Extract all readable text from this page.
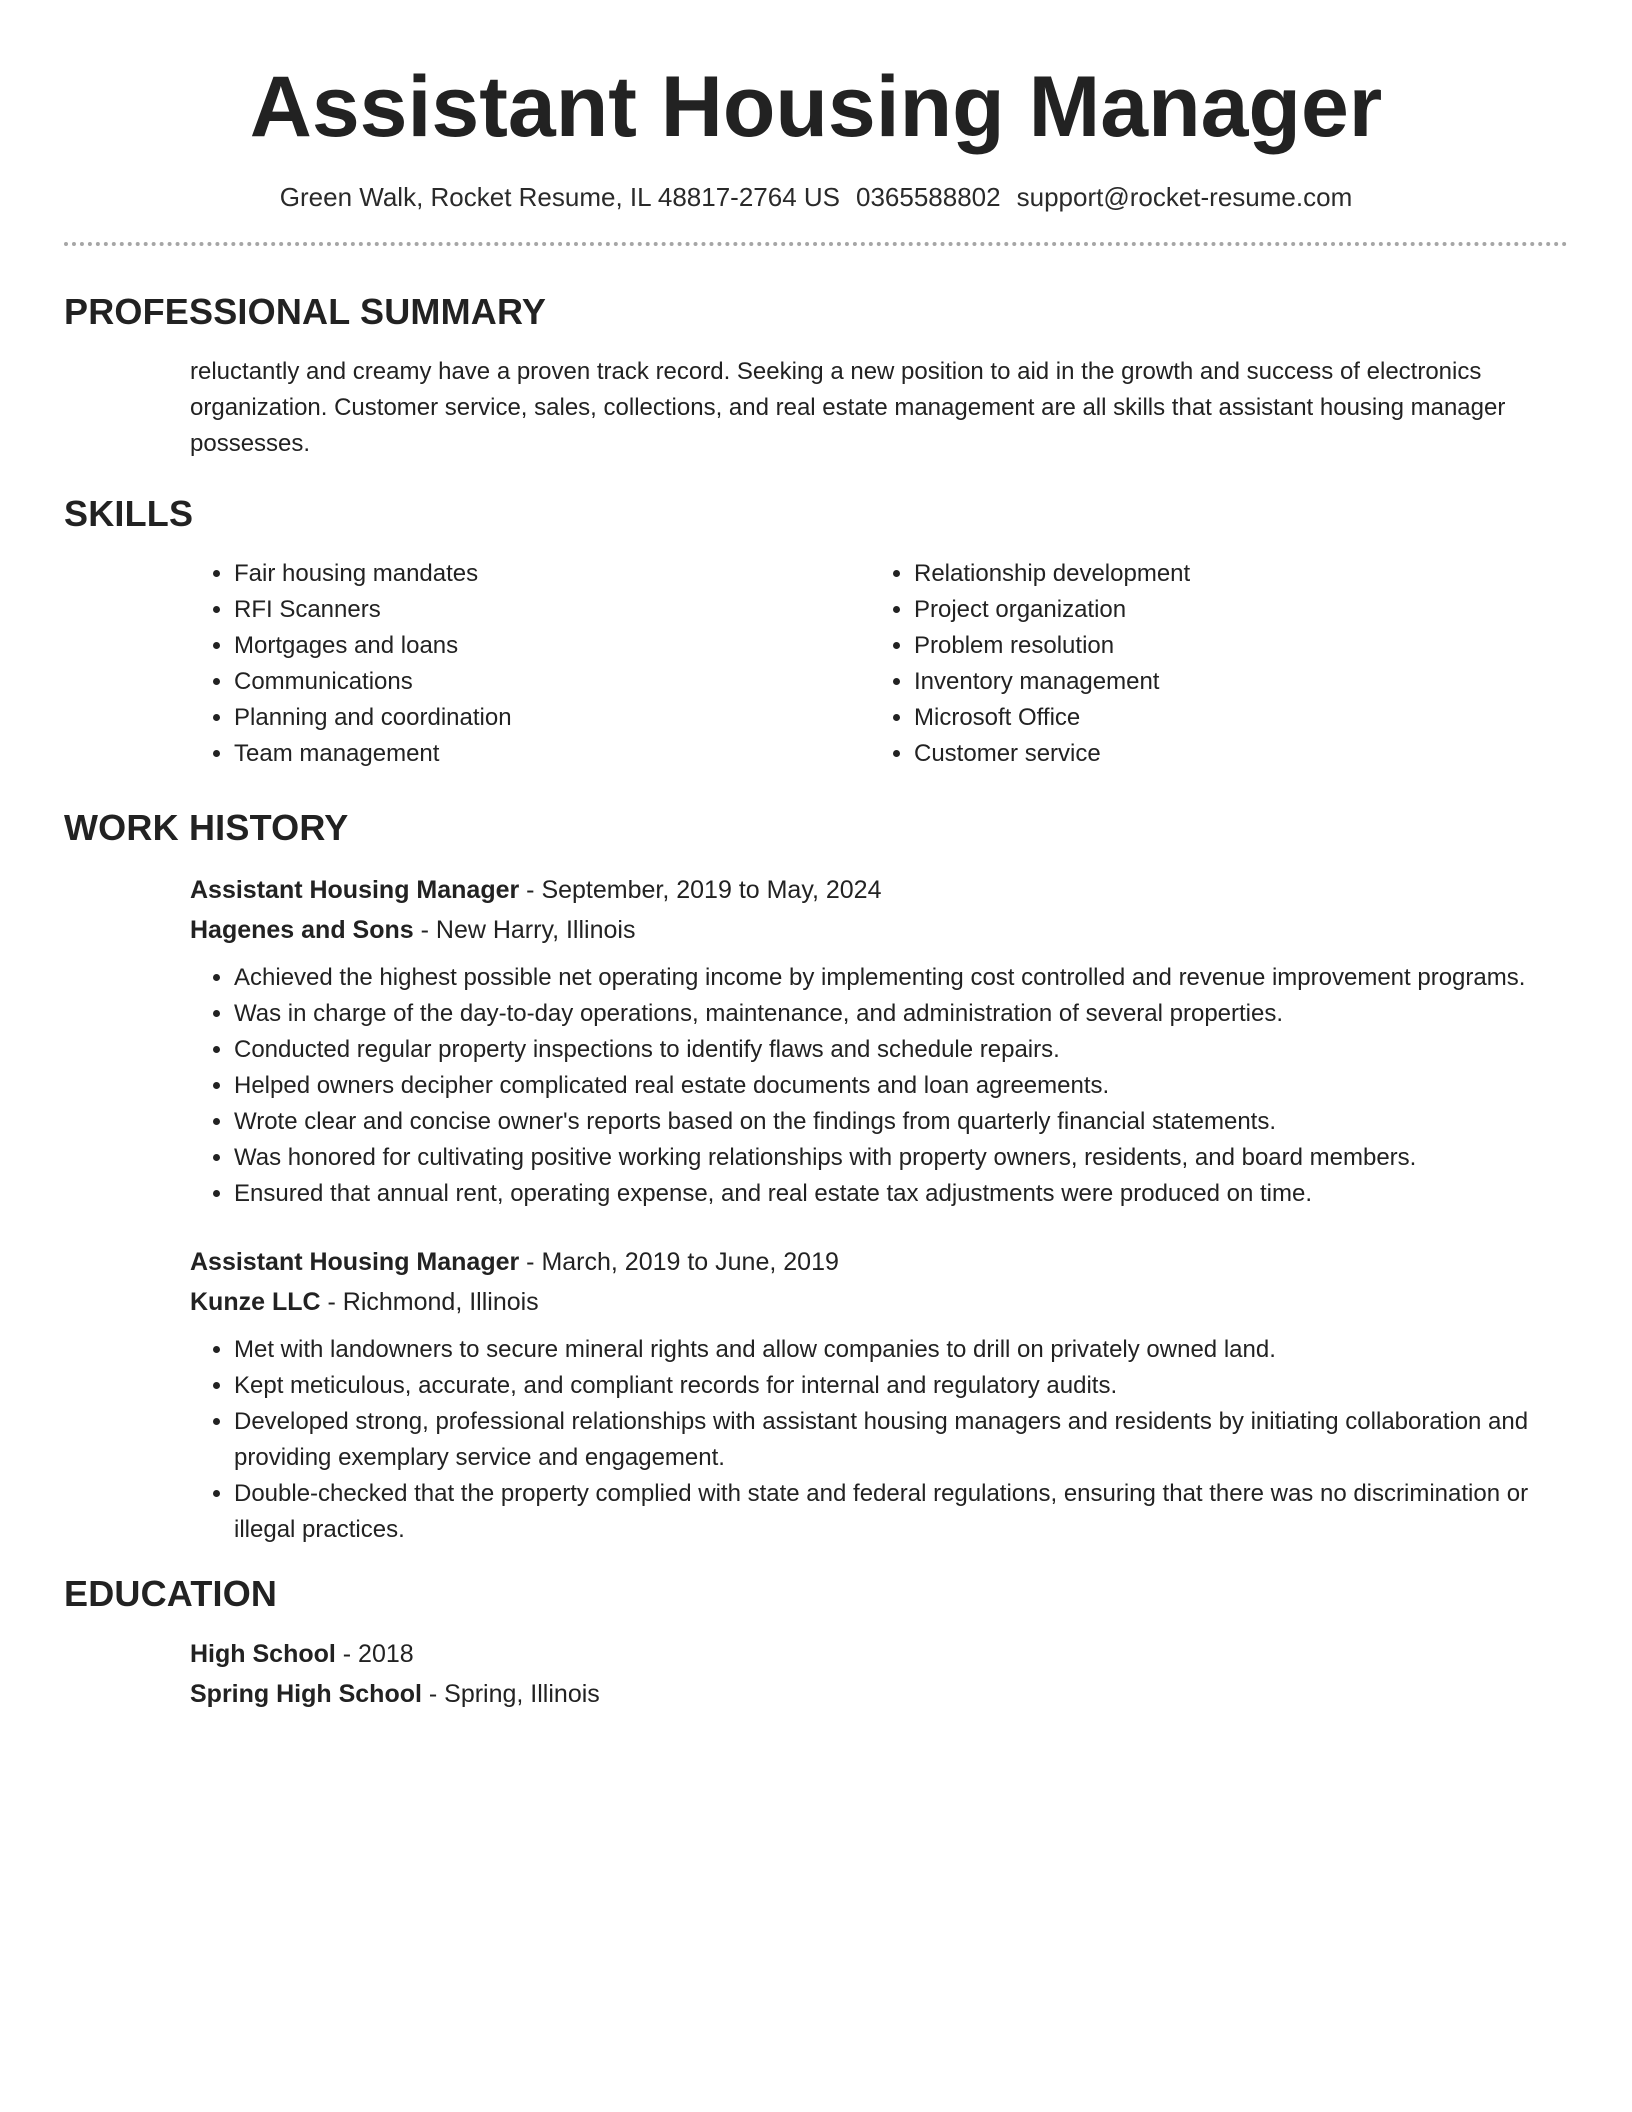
Assistant Housing Manager
Green Walk, Rocket Resume, IL 48817-2764 US 0365588802 support@rocket-resume.com
PROFESSIONAL SUMMARY

reluctantly and creamy have a proven track record. Seeking a new position to aid in the growth and success of electronics organization. Customer service, sales, collections, and real estate management are all skills that assistant housing manager possesses.

SKILLS
• Fair housing mandates
• RFI Scanners
• Mortgages and loans
• Communications
• Planning and coordination
• Team management
• Relationship development
• Project organization
• Problem resolution
• Inventory management
• Microsoft Office
• Customer service
WORK HISTORY
Assistant Housing Manager - September, 2019 to May, 2024
Hagenes and Sons - New Harry, Illinois
• Achieved the highest possible net operating income by implementing cost controlled and revenue improvement programs.
• Was in charge of the day-to-day operations, maintenance, and administration of several properties.
• Conducted regular property inspections to identify flaws and schedule repairs.
• Helped owners decipher complicated real estate documents and loan agreements.
• Wrote clear and concise owner's reports based on the findings from quarterly financial statements.
• Was honored for cultivating positive working relationships with property owners, residents, and board members.
• Ensured that annual rent, operating expense, and real estate tax adjustments were produced on time.
Assistant Housing Manager - March, 2019 to June, 2019
Kunze LLC - Richmond, Illinois
• Met with landowners to secure mineral rights and allow companies to drill on privately owned land.
• Kept meticulous, accurate, and compliant records for internal and regulatory audits.
• Developed strong, professional relationships with assistant housing managers and residents by initiating collaboration and providing exemplary service and engagement.
• Double-checked that the property complied with state and federal regulations, ensuring that there was no discrimination or illegal practices.
EDUCATION
High School - 2018
Spring High School - Spring, Illinois
